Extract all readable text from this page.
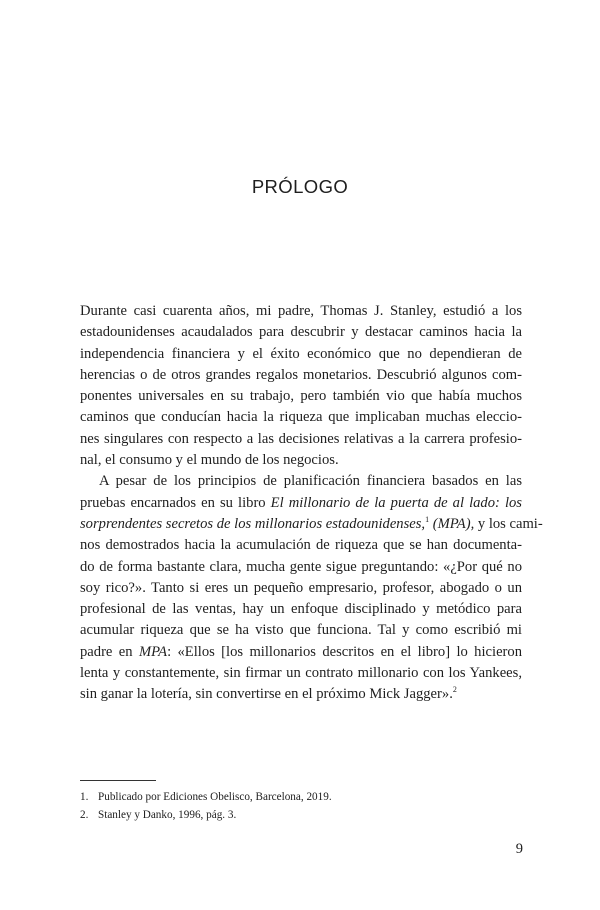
PRÓLOGO
Durante casi cuarenta años, mi padre, Thomas J. Stanley, estudió a los
estadounidenses acaudalados para descubrir y destacar caminos hacia la
independencia financiera y el éxito económico que no dependieran de
herencias o de otros grandes regalos monetarios. Descubrió algunos com-
ponentes universales en su trabajo, pero también vio que había muchos
caminos que conducían hacia la riqueza que implicaban muchas eleccio-
nes singulares con respecto a las decisiones relativas a la carrera profesio-
nal, el consumo y el mundo de los negocios.
A pesar de los principios de planificación financiera basados en las
pruebas encarnados en su libro El millonario de la puerta de al lado: los
sorprendentes secretos de los millonarios estadounidenses,$^1$ (MPA), y los cami-
nos demostrados hacia la acumulación de riqueza que se han documenta-
do de forma bastante clara, mucha gente sigue preguntando: «¿Por qué no
soy rico?». Tanto si eres un pequeño empresario, profesor, abogado o un
profesional de las ventas, hay un enfoque disciplinado y metódico para
acumular riqueza que se ha visto que funciona. Tal y como escribió mi
padre en MPA: «Ellos [los millonarios descritos en el libro] lo hicieron
lenta y constantemente, sin firmar un contrato millonario con los Yankees,
sin ganar la lotería, sin convertirse en el próximo Mick Jagger».$^2$
1. Publicado por Ediciones Obelisco, Barcelona, 2019.
2. Stanley y Danko, 1996, pág. 3.
9
